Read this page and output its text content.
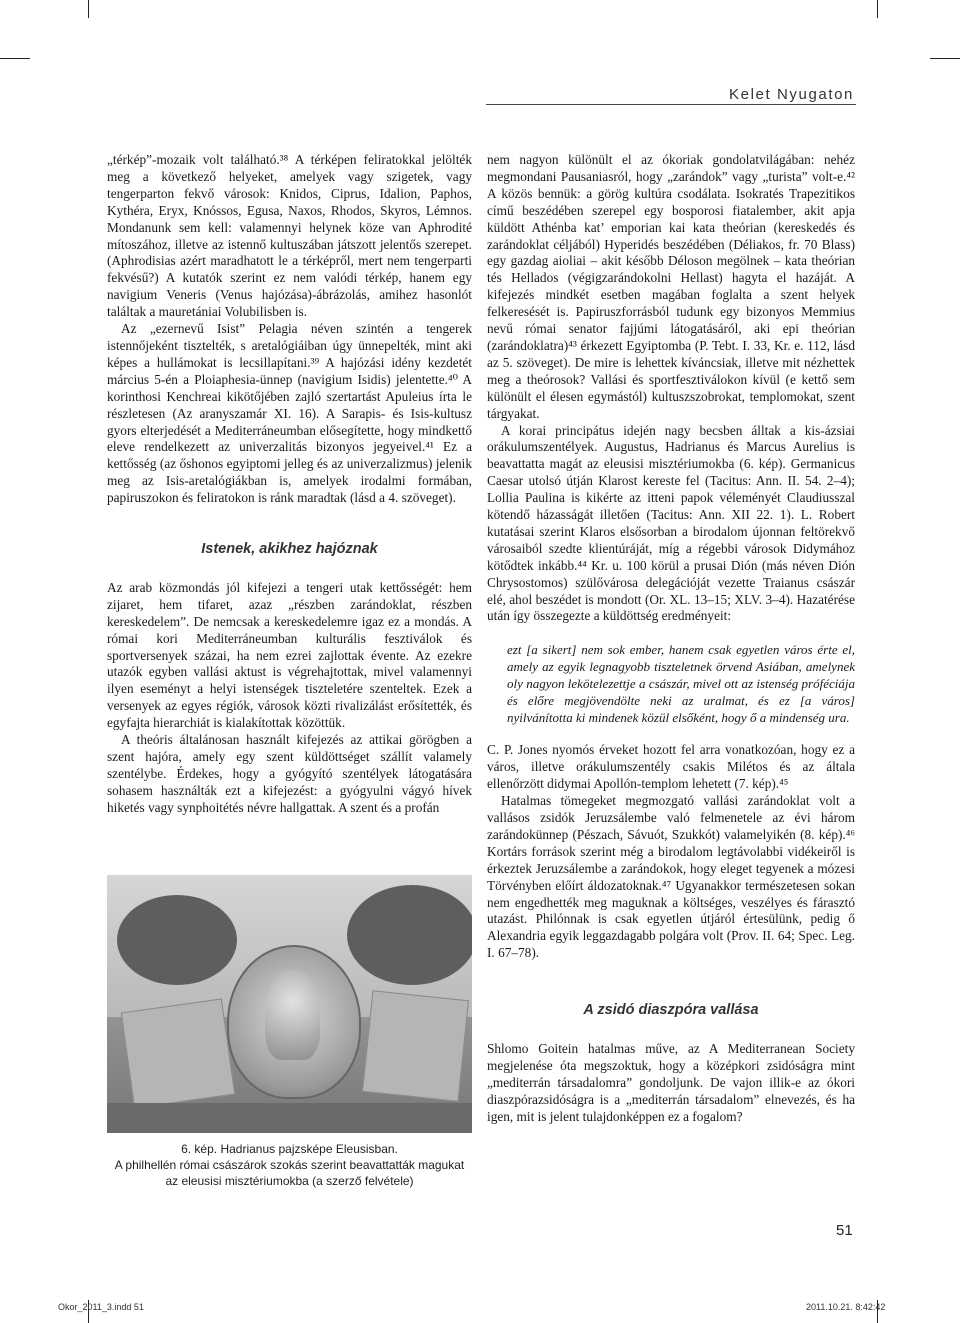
Kelet Nyugaton

„térkép”-mozaik volt található.³⁸ A térképen feliratokkal jelölték meg a következő helyeket, amelyek vagy szigetek, vagy tengerparton fekvő városok: Knidos, Ciprus, Idalion, Paphos, Kythéra, Eryx, Knóssos, Egusa, Naxos, Rhodos, Skyros, Lémnos. Mondanunk sem kell: valamennyi helynek köze van Aphrodité mítoszához, illetve az istennő kultuszában játszott jelentős szerepet. (Aphrodisias azért maradhatott le a térképről, mert nem tengerparti fekvésű?) A kutatók szerint ez nem valódi térkép, hanem egy navigium Veneris (Venus hajózása)-ábrázolás, amihez hasonlót találtak a mauretániai Volubilisben is.

Az „ezernevű Isist” Pelagia néven szintén a tengerek istennőjeként tisztelték, s aretalógiáiban úgy ünnepelték, mint aki képes a hullámokat is lecsillapítani.³⁹ A hajózási idény kezdetét március 5-én a Ploiaphesia-ünnep (navigium Isidis) jelentette.⁴⁰ A korinthosi Kenchreai kikötőjében zajló szertartást Apuleius írta le részletesen (Az aranyszamár XI. 16). A Sarapis- és Isis-kultusz gyors elterjedését a Mediterráneumban elősegítette, hogy mindkettő eleve rendelkezett az univerzalitás bizonyos jegyeivel.⁴¹ Ez a kettősség (az őshonos egyiptomi jelleg és az univerzalizmus) jelenik meg az Isis-aretalógiákban is, amelyek irodalmi formában, papiruszokon és feliratokon is ránk maradtak (lásd a 4. szöveget).

Istenek, akikhez hajóznak

Az arab közmondás jól kifejezi a tengeri utak kettősségét: hem zijaret, hem tifaret, azaz „részben zarándoklat, részben kereskedelem”. De nemcsak a kereskedelemre igaz ez a mondás. A római kori Mediterráneumban kulturális fesztiválok és sportversenyek százai, ha nem ezrei zajlottak évente. Az ezekre utazók egyben vallási aktust is végrehajtottak, mivel valamennyi ilyen eseményt a helyi istenségek tiszteletére szenteltek. Ezek a versenyek az egyes régiók, városok közti rivalizálást erősítették, és egyfajta hierarchiát is kialakítottak közöttük.

A theóris általánosan használt kifejezés az attikai görögben a szent hajóra, amely egy szent küldöttséget szállít valamely szentélybe. Érdekes, hogy a gyógyító szentélyek látogatására sohasem használták ezt a kifejezést: a gyógyulni vágyó hívek hiketés vagy synphoitétés névre hallgattak. A szent és a profán

6. kép. Hadrianus pajzsképe Eleusisban.
A philhellén római császárok szokás szerint beavattatták magukat
az eleusisi misztériumokba (a szerző felvétele)

nem nagyon különült el az ókoriak gondolatvilágában: nehéz megmondani Pausaniasról, hogy „zarándok” vagy „turista” volt-e.⁴² A közös bennük: a görög kultúra csodálata. Isokratés Trapezitikos című beszédében szerepel egy bosporosi fiatalember, akit apja küldött Athénba kat’ emporian kai kata theórian (kereskedés és zarándoklat céljából) Hyperidés beszédében (Déliakos, fr. 70 Blass) egy gazdag aioliai – akit később Déloson megölnek – kata theórian tés Hellados (végigzarándokolni Hellast) hagyta el hazáját. A kifejezés mindkét esetben magában foglalta a szent helyek felkeresését is. Papiruszforrásból tudunk egy bizonyos Memmius nevű római senator fajjúmi látogatásáról, aki epi theórian (zarándoklatra)⁴³ érkezett Egyiptomba (P. Tebt. I. 33, Kr. e. 112, lásd az 5. szöveget). De mire is lehettek kíváncsiak, illetve mit nézhettek meg a theórosok? Vallási és sportfesztiválokon kívül (e kettő sem különült el élesen egymástól) kultuszszobrokat, templomokat, szent tárgyakat.

A korai principátus idején nagy becsben álltak a kis-ázsiai orákulumszentélyek. Augustus, Hadrianus és Marcus Aurelius is beavattatta magát az eleusisi misztériumokba (6. kép). Germanicus Caesar utolsó útján Klarost kereste fel (Tacitus: Ann. II. 54. 2–4); Lollia Paulina is kikérte az itteni papok véleményét Claudiusszal kötendő házasságát illetően (Tacitus: Ann. XII 22. 1). L. Robert kutatásai szerint Klaros elsősorban a birodalom újonnan feltörekvő városaiból szedte klientúráját, míg a régebbi városok Didymához kötődtek inkább.⁴⁴ Kr. u. 100 körül a prusai Dión (más néven Dión Chrysostomos) szülővárosa delegációját vezette Traianus császár elé, ahol beszédet is mondott (Or. XL. 13–15; XLV. 3–4). Hazatérése után így összegezte a küldöttség eredményeit:

ezt [a sikert] nem sok ember, hanem csak egyetlen város érte el, amely az egyik legnagyobb tiszteletnek örvend Asiában, amelynek oly nagyon lekötelezettje a császár, mivel ott az istenség próféciája és előre megjövendölte neki az uralmat, és ez [a város] nyilvánította ki mindenek közül elsőként, hogy ő a mindenség ura.

C. P. Jones nyomós érveket hozott fel arra vonatkozóan, hogy ez a város, illetve orákulumszentély csakis Milétos és az általa ellenőrzött didymai Apollón-templom lehetett (7. kép).⁴⁵

Hatalmas tömegeket megmozgató vallási zarándoklat volt a vallásos zsidók Jeruzsálembe való felmenetele az évi három zarándokünnep (Pészach, Sávuót, Szukkót) valamelyikén (8. kép).⁴⁶ Kortárs források szerint még a birodalom legtávolabbi vidékeiről is érkeztek Jeruzsálembe a zarándokok, hogy eleget tegyenek a mózesi Törvényben előírt áldozatoknak.⁴⁷ Ugyanakkor természetesen sokan nem engedhették meg maguknak a költséges, veszélyes és fárasztó utazást. Philónnak is csak egyetlen útjáról értesülünk, pedig ő Alexandria egyik leggazdagabb polgára volt (Prov. II. 64; Spec. Leg. I. 67–78).

A zsidó diaszpóra vallása

Shlomo Goitein hatalmas műve, az A Mediterranean Society megjelenése óta megszoktuk, hogy a középkori zsidóságra mint „mediterrán társadalomra” gondoljunk. De vajon illik-e az ókori diaszpórazsidóságra is a „mediterrán társadalom” elnevezés, és ha igen, mit is jelent tulajdonképpen ez a fogalom?

51
Okor_2011_3.indd 51	2011.10.21. 8:42:42
